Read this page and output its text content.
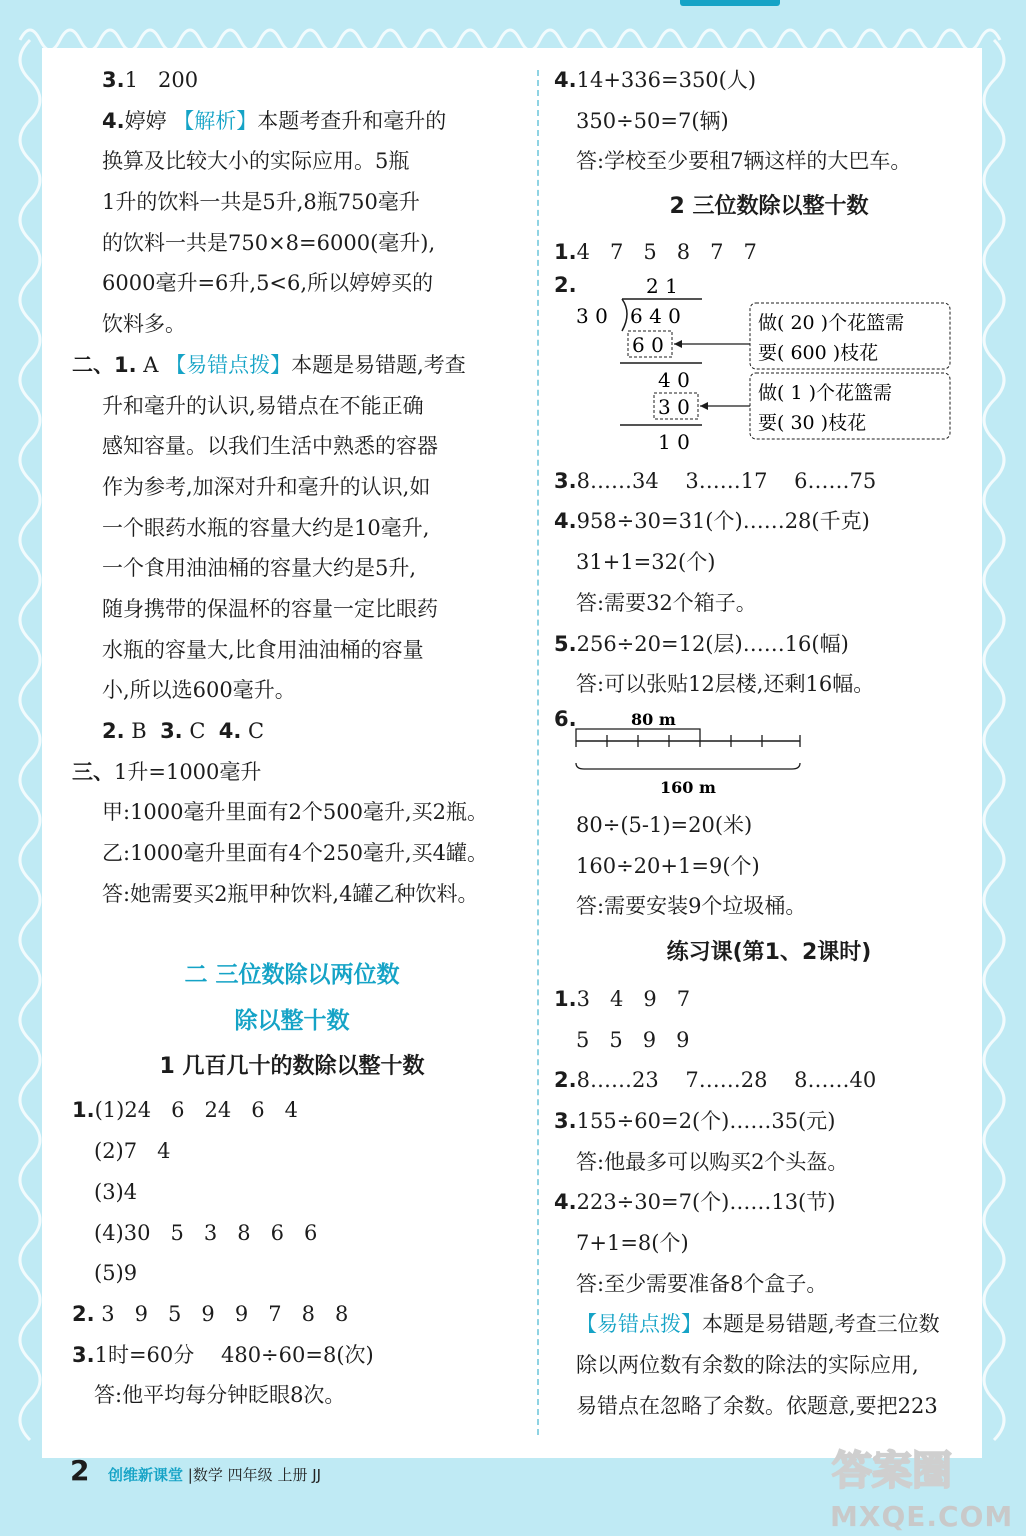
3.1   200
4.婷婷 【解析】本题考查升和毫升的
换算及比较大小的实际应用。5瓶
1升的饮料一共是5升,8瓶750毫升
的饮料一共是750×8=6000(毫升),
6000毫升=6升,5<6,所以婷婷买的
饮料多。
二、1. A 【易错点拨】本题是易错题,考查
升和毫升的认识,易错点在不能正确
感知容量。以我们生活中熟悉的容器
作为参考,加深对升和毫升的认识,如
一个眼药水瓶的容量大约是10毫升,
一个食用油油桶的容量大约是5升,
随身携带的保温杯的容量一定比眼药
水瓶的容量大,比食用油油桶的容量
小,所以选600毫升。
2. B  3. C  4. C
三、1升=1000毫升
甲:1000毫升里面有2个500毫升,买2瓶。
乙:1000毫升里面有4个250毫升,买4罐。
答:她需要买2瓶甲种饮料,4罐乙种饮料。
二 三位数除以两位数
除以整十数
1 几百几十的数除以整十数
1.(1)24   6   24   6   4
(2)7   4
(3)4
(4)30   5   3   8   6   6
(5)9
2. 3   9   5   9   9   7   8   8
3.1时=60分    480÷60=8(次)
答:他平均每分钟眨眼8次。
4.14+336=350(人)
350÷50=7(辆)
答:学校至少要租7辆这样的大巴车。
2 三位数除以整十数
1.4   7   5   8   7   7
2.	2 1
3 0 6 4 0
6 0
4 0
3 0
1 0
做( 20 )个花篮需
要( 600 )枝花
做( 1 )个花篮需
要( 30 )枝花
3.8……34    3……17    6……75
4.958÷30=31(个)……28(千克)
31+1=32(个)
答:需要32个箱子。
5.256÷20=12(层)……16(幅)
答:可以张贴12层楼,还剩16幅。
6.	80 m
160 m
80÷(5-1)=20(米)
160÷20+1=9(个)
答:需要安装9个垃圾桶。
练习课(第1、2课时)
1.3   4   9   7
5   5   9   9
2.8……23    7……28    8……40
3.155÷60=2(个)……35(元)
答:他最多可以购买2个头盔。
4.223÷30=7(个)……13(节)
7+1=8(个)
答:至少需要准备8个盒子。
【易错点拨】本题是易错题,考查三位数
除以两位数有余数的除法的实际应用,
易错点在忽略了余数。依题意,要把223
2 创维新课堂 |数学 四年级 上册 JJ	答案圈
MXQE.COM
